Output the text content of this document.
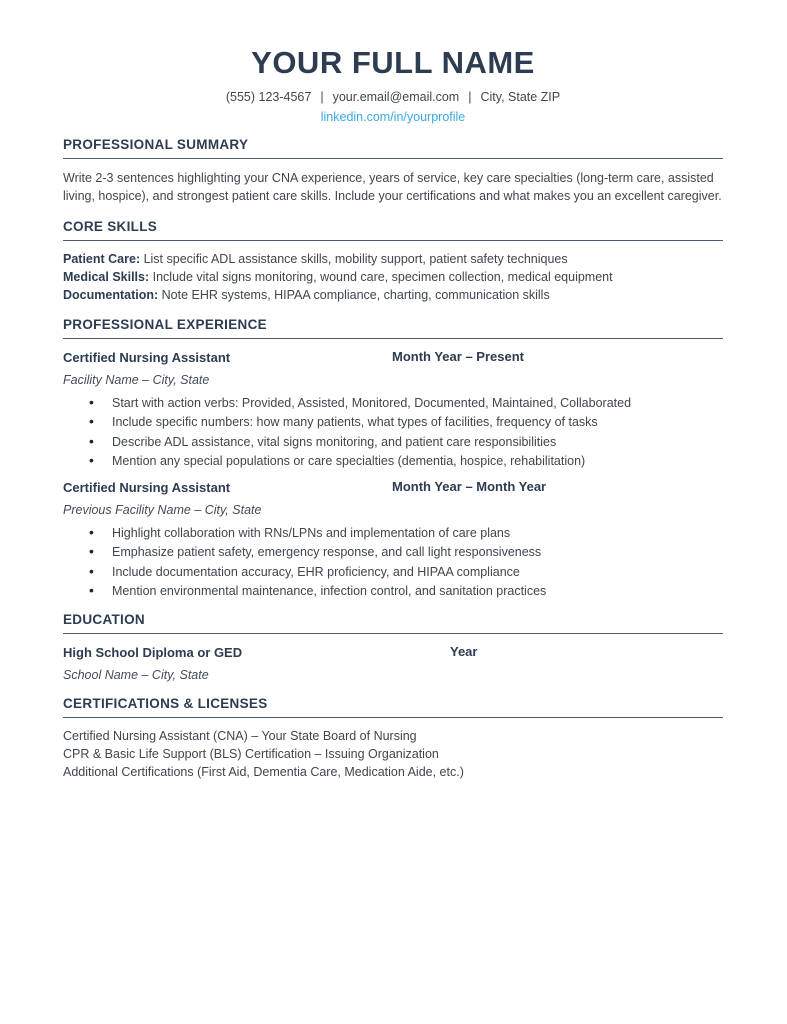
YOUR FULL NAME
(555) 123-4567 | your.email@email.com | City, State ZIP
linkedin.com/in/yourprofile
PROFESSIONAL SUMMARY

Write 2-3 sentences highlighting your CNA experience, years of service, key care specialties (long-term care, assisted living, hospice), and strongest patient care skills. Include your certifications and what makes you an excellent caregiver.

CORE SKILLS
Patient Care: List specific ADL assistance skills, mobility support, patient safety techniques
Medical Skills: Include vital signs monitoring, wound care, specimen collection, medical equipment
Documentation: Note EHR systems, HIPAA compliance, charting, communication skills
PROFESSIONAL EXPERIENCE
Certified Nursing Assistant	Month Year – Present
Facility Name – City, State
• Start with action verbs: Provided, Assisted, Monitored, Documented, Maintained, Collaborated
• Include specific numbers: how many patients, what types of facilities, frequency of tasks
• Describe ADL assistance, vital signs monitoring, and patient care responsibilities
• Mention any special populations or care specialties (dementia, hospice, rehabilitation)
Certified Nursing Assistant	Month Year – Month Year
Previous Facility Name – City, State
• Highlight collaboration with RNs/LPNs and implementation of care plans
• Emphasize patient safety, emergency response, and call light responsiveness
• Include documentation accuracy, EHR proficiency, and HIPAA compliance
• Mention environmental maintenance, infection control, and sanitation practices
EDUCATION
High School Diploma or GED	Year
School Name – City, State
CERTIFICATIONS & LICENSES
Certified Nursing Assistant (CNA) – Your State Board of Nursing
CPR & Basic Life Support (BLS) Certification – Issuing Organization
Additional Certifications (First Aid, Dementia Care, Medication Aide, etc.)
